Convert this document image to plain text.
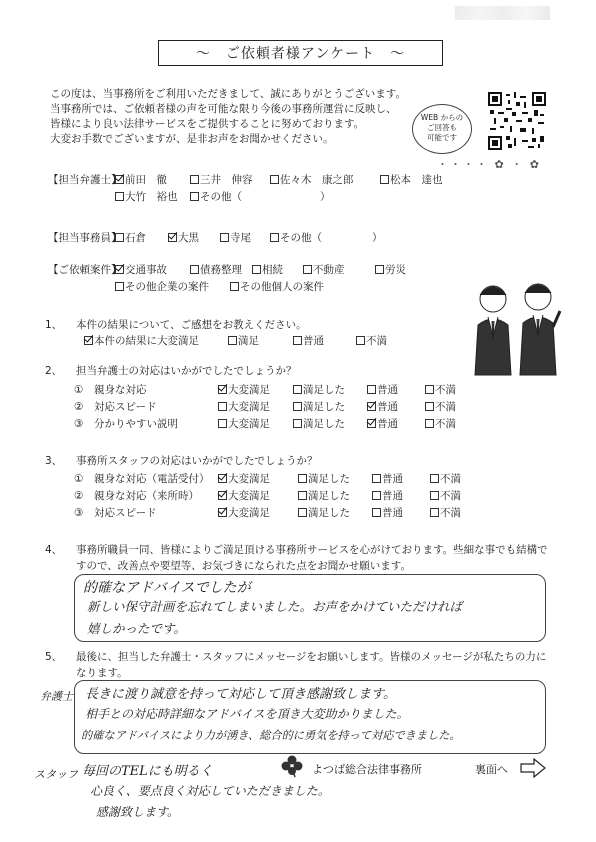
～　ご依頼者様アンケート　～
この度は、当事務所をご利用いただきまして、誠にありがとうございます。
当事務所では、ご依頼者様の声を可能な限り今後の事務所運営に反映し、
皆様により良い法律サービスをご提供することに努めております。
大変お手数でございますが、是非お声をお聞かせください。
WEB からの
ご回答も
可能です
・・・・ ✿ ・ ✿
【担当弁護士】 前田　徹	三井　伸容	佐々木　康之郎	松本　達也
大竹　裕也	その他（	）
【担当事務員】 石倉	大黒	寺尾	その他（	）
【ご依頼案件】 交通事故	債務整理	相続	不動産	労災
その他企業の案件	その他個人の案件
1、 本件の結果について、ご感想をお教えください。
本件の結果に大変満足	満足	普通	不満
2、 担当弁護士の対応はいかがでしたでしょうか？
① 親身な対応	大変満足	満足した	普通	不満
② 対応スピード	大変満足	満足した	普通	不満
③ 分かりやすい説明	大変満足	満足した	普通	不満
3、 事務所スタッフの対応はいかがでしたでしょうか？
① 親身な対応（電話受付）	大変満足	満足した	普通	不満
② 親身な対応（来所時）	大変満足	満足した	普通	不満
③ 対応スピード	大変満足	満足した	普通	不満
4、 事務所職員一同、皆様によりご満足頂ける事務所サービスを心がけております。些細な事でも結構で
すので、改善点や要望等、お気づきになられた点をお聞かせ願います。
的確なアドバイスでしたが
新しい保守計画を忘れてしまいました。お声をかけていただければ
嬉しかったです。
5、 最後に、担当した弁護士・スタッフにメッセージをお願いします。皆様のメッセージが私たちの力に
なります。
弁護士 長きに渡り誠意を持って対応して頂き感謝致します。
相手との対応時詳細なアドバイスを頂き大変助かりました。
的確なアドバイスにより力が湧き、総合的に勇気を持って対応できました。
スタッフ 毎回のTELにも明るく
心良く、要点良く対応していただきました。
感謝致します。
よつば総合法律事務所	裏面へ
